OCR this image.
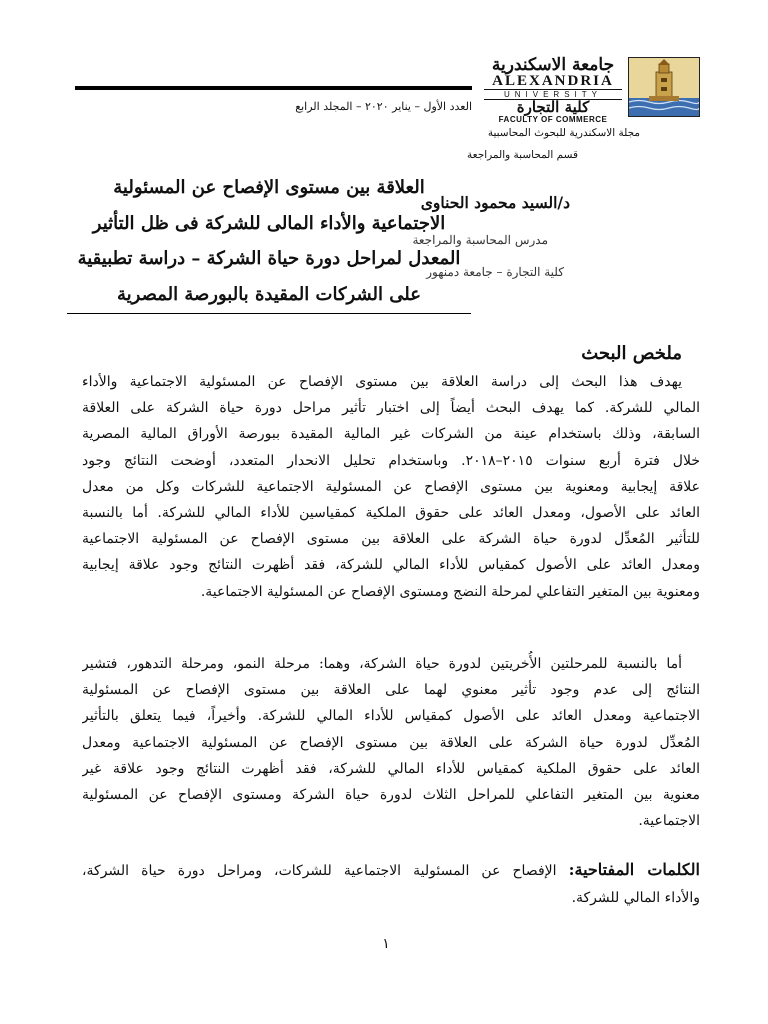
جامعة الاسكندرية
ALEXANDRIA
UNIVERSITY
كلية التجارة
FACULTY OF COMMERCE
مجلة الاسكندرية للبحوث المحاسبية
قسم المحاسبة والمراجعة
العدد الأول – يناير ٢٠٢٠ – المجلد الرابع
العلاقة بين مستوى الإفصاح عن المسئولية
الاجتماعية والأداء المالى للشركة فى ظل التأثير
المعدل لمراحل دورة حياة الشركة – دراسة تطبيقية
على الشركات المقيدة بالبورصة المصرية
د/السيد محمود الحناوى
مدرس المحاسبة والمراجعة
كلية التجارة – جامعة دمنهور
ملخص البحث
يهدف هذا البحث إلى دراسة العلاقة بين مستوى الإفصاح عن المسئولية الاجتماعية والأداء
المالي للشركة. كما يهدف البحث أيضاً إلى اختبار تأثير مراحل دورة حياة الشركة على العلاقة
السابقة، وذلك باستخدام عينة من الشركات غير المالية المقيدة ببورصة الأوراق المالية المصرية
خلال فترة أربع سنوات ٢٠١٥–٢٠١٨. وباستخدام تحليل الانحدار المتعدد، أوضحت النتائج وجود
علاقة إيجابية ومعنوية بين مستوى الإفصاح عن المسئولية الاجتماعية للشركات وكل من معدل
العائد على الأصول، ومعدل العائد على حقوق الملكية كمقياسين للأداء المالي للشركة. أما بالنسبة
للتأثير المُعدِّل لدورة حياة الشركة على العلاقة بين مستوى الإفصاح عن المسئولية الاجتماعية
ومعدل العائد على الأصول كمقياس للأداء المالي للشركة، فقد أظهرت النتائج وجود علاقة إيجابية
ومعنوية بين المتغير التفاعلي لمرحلة النضج ومستوى الإفصاح عن المسئولية الاجتماعية.
أما بالنسبة للمرحلتين الأُخريتين لدورة حياة الشركة، وهما: مرحلة النمو، ومرحلة التدهور، فتشير
النتائج إلى عدم وجود تأثير معنوي لهما على العلاقة بين مستوى الإفصاح عن المسئولية
الاجتماعية ومعدل العائد على الأصول كمقياس للأداء المالي للشركة. وأخيراً، فيما يتعلق بالتأثير
المُعدِّل لدورة حياة الشركة على العلاقة بين مستوى الإفصاح عن المسئولية الاجتماعية ومعدل
العائد على حقوق الملكية كمقياس للأداء المالي للشركة، فقد أظهرت النتائج وجود علاقة غير
معنوية بين المتغير التفاعلي للمراحل الثلاث لدورة حياة الشركة ومستوى الإفصاح عن المسئولية
الاجتماعية.
الكلمات المفتاحية: الإفصاح عن المسئولية الاجتماعية للشركات، ومراحل دورة حياة الشركة،
والأداء المالي للشركة.
١
